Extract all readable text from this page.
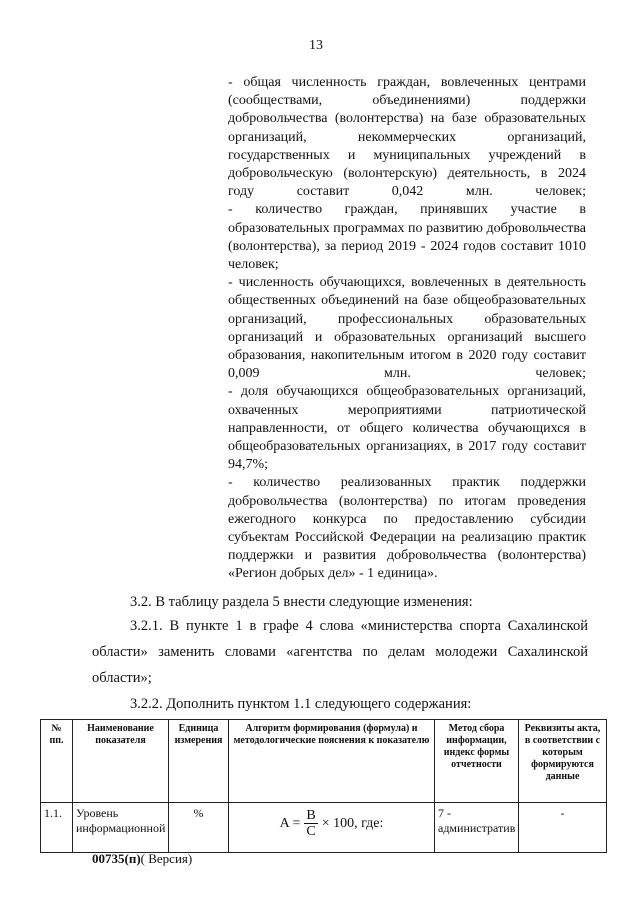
13

- общая численность граждан, вовлеченных центрами (сообществами, объединениями) поддержки добровольчества (волонтерства) на базе образовательных организаций, некоммерческих организаций, государственных и муниципальных учреждений в добровольческую (волонтерскую) деятельность, в 2024 году составит 0,042 млн. человек;

- количество граждан, принявших участие в образовательных программах по развитию добровольчества (волонтерства), за период 2019 - 2024 годов составит 1010 человек;

- численность обучающихся, вовлеченных в деятельность общественных объединений на базе общеобразовательных организаций, профессиональных образовательных организаций и образовательных организаций высшего образования, накопительным итогом в 2020 году составит 0,009 млн. человек;

- доля обучающихся общеобразовательных организаций, охваченных мероприятиями патриотической направленности, от общего количества обучающихся в общеобразовательных организациях, в 2017 году составит 94,7%;

- количество реализованных практик поддержки добровольчества (волонтерства) по итогам проведения ежегодного конкурса по предоставлению субсидии субъектам Российской Федерации на реализацию практик поддержки и развития добровольчества (волонтерства) «Регион добрых дел» - 1 единица».

3.2. В таблицу раздела 5 внести следующие изменения:
3.2.1. В пункте 1 в графе 4 слова «министерства спорта Сахалинской области» заменить словами «агентства по делам молодежи Сахалинской области»;
3.2.2. Дополнить пунктом 1.1 следующего содержания:
№ пп.	Наименование показателя	Единица измерения	Алгоритм формирования (формула) и методологические пояснения к показателю	Метод сбора информации, индекс формы отчетности	Реквизиты акта, в соответствии с которым формируются данные
1.1.	Уровень информационной	%	$A = \frac{B}{C} \times 100$, где:	7 - административ	-
00735(п)( Версия)
